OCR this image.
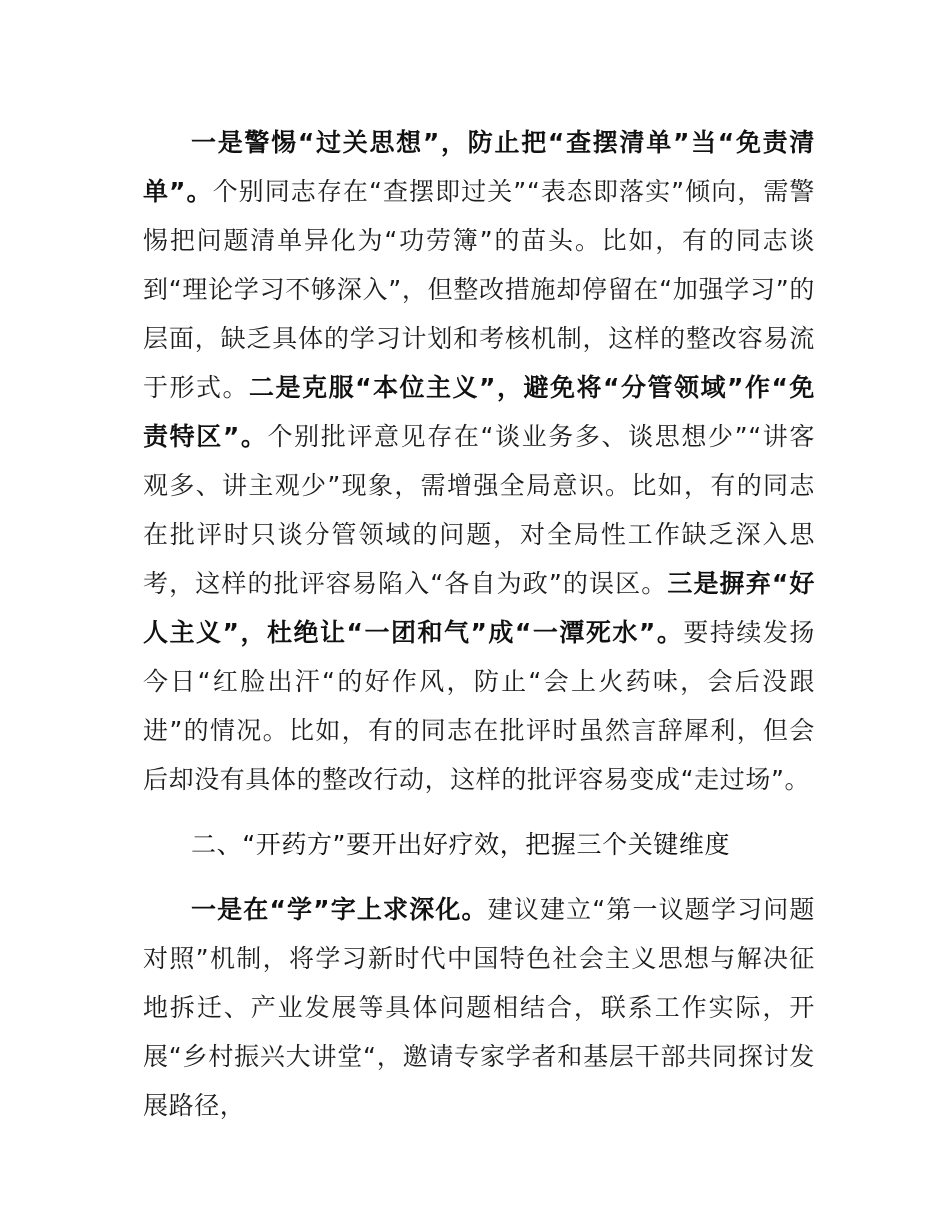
一是警惕“过关思想”，防止把“查摆清单”当“免责清单”。个别同志存在“查摆即过关”“表态即落实”倾向，需警惕把问题清单异化为“功劳簿”的苗头。比如，有的同志谈到“理论学习不够深入”，但整改措施却停留在“加强学习”的层面，缺乏具体的学习计划和考核机制，这样的整改容易流于形式。二是克服“本位主义”，避免将“分管领域”作“免责特区”。个别批评意见存在“谈业务多、谈思想少”“讲客观多、讲主观少”现象，需增强全局意识。比如，有的同志在批评时只谈分管领域的问题，对全局性工作缺乏深入思考，这样的批评容易陷入“各自为政”的误区。三是摒弃“好人主义”，杜绝让“一团和气”成“一潭死水”。要持续发扬今日“红脸出汗“的好作风，防止“会上火药味，会后没跟进”的情况。比如，有的同志在批评时虽然言辞犀利，但会后却没有具体的整改行动，这样的批评容易变成“走过场”。

二、“开药方”要开出好疗效，把握三个关键维度

一是在“学”字上求深化。建议建立“第一议题学习问题对照”机制，将学习新时代中国特色社会主义思想与解决征地拆迁、产业发展等具体问题相结合，联系工作实际，开展“乡村振兴大讲堂“，邀请专家学者和基层干部共同探讨发展路径，
